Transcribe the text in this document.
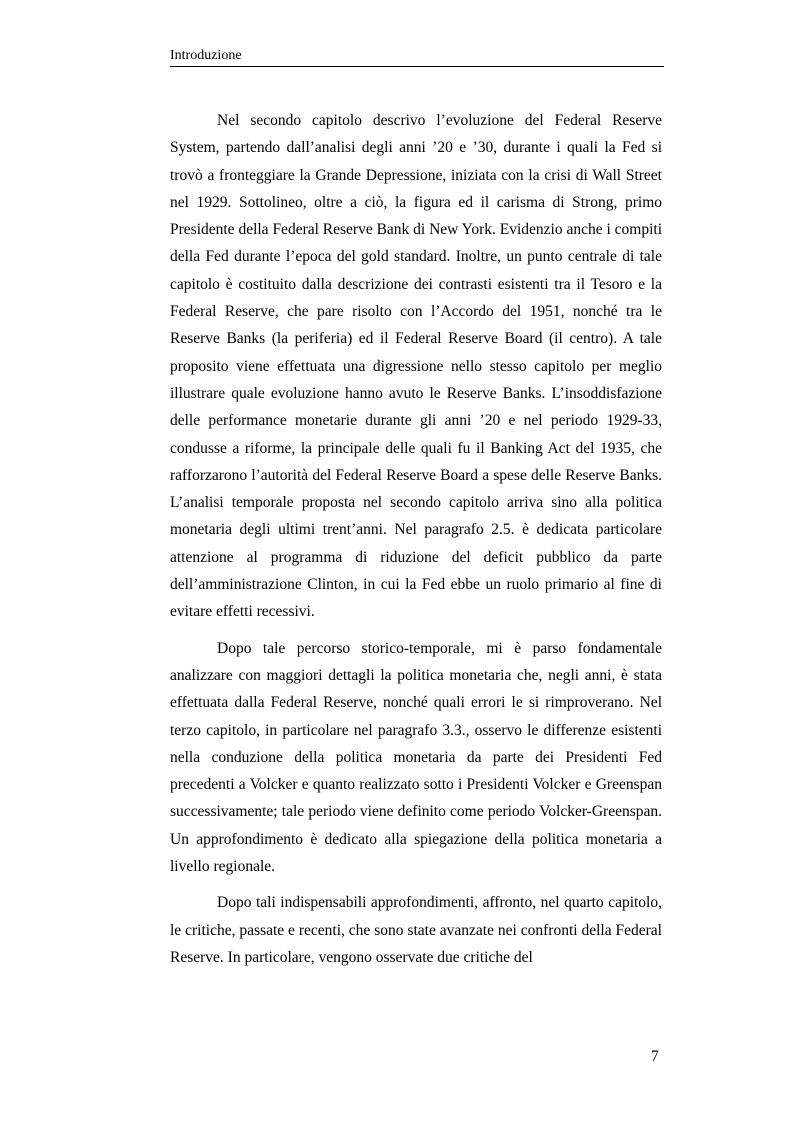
Introduzione

Nel secondo capitolo descrivo l’evoluzione del Federal Reserve System, partendo dall’analisi degli anni ’20 e ’30, durante i quali la Fed si trovò a fronteggiare la Grande Depressione, iniziata con la crisi di Wall Street nel 1929. Sottolineo, oltre a ciò, la figura ed il carisma di Strong, primo Presidente della Federal Reserve Bank di New York. Evidenzio anche i compiti della Fed durante l’epoca del gold standard. Inoltre, un punto centrale di tale capitolo è costituito dalla descrizione dei contrasti esistenti tra il Tesoro e la Federal Reserve, che pare risolto con l’Accordo del 1951, nonché tra le Reserve Banks (la periferia) ed il Federal Reserve Board (il centro). A tale proposito viene effettuata una digressione nello stesso capitolo per meglio illustrare quale evoluzione hanno avuto le Reserve Banks. L’insoddisfazione delle performance monetarie durante gli anni ’20 e nel periodo 1929-33, condusse a riforme, la principale delle quali fu il Banking Act del 1935, che rafforzarono l’autorità del Federal Reserve Board a spese delle Reserve Banks. L’analisi temporale proposta nel secondo capitolo arriva sino alla politica monetaria degli ultimi trent’anni. Nel paragrafo 2.5. è dedicata particolare attenzione al programma di riduzione del deficit pubblico da parte dell’amministrazione Clinton, in cui la Fed ebbe un ruolo primario al fine di evitare effetti recessivi.

Dopo tale percorso storico-temporale, mi è parso fondamentale analizzare con maggiori dettagli la politica monetaria che, negli anni, è stata effettuata dalla Federal Reserve, nonché quali errori le si rimproverano. Nel terzo capitolo, in particolare nel paragrafo 3.3., osservo le differenze esistenti nella conduzione della politica monetaria da parte dei Presidenti Fed precedenti a Volcker e quanto realizzato sotto i Presidenti Volcker e Greenspan successivamente; tale periodo viene definito come periodo Volcker-Greenspan. Un approfondimento è dedicato alla spiegazione della politica monetaria a livello regionale.

Dopo tali indispensabili approfondimenti, affronto, nel quarto capitolo, le critiche, passate e recenti, che sono state avanzate nei confronti della Federal Reserve. In particolare, vengono osservate due critiche del

7
